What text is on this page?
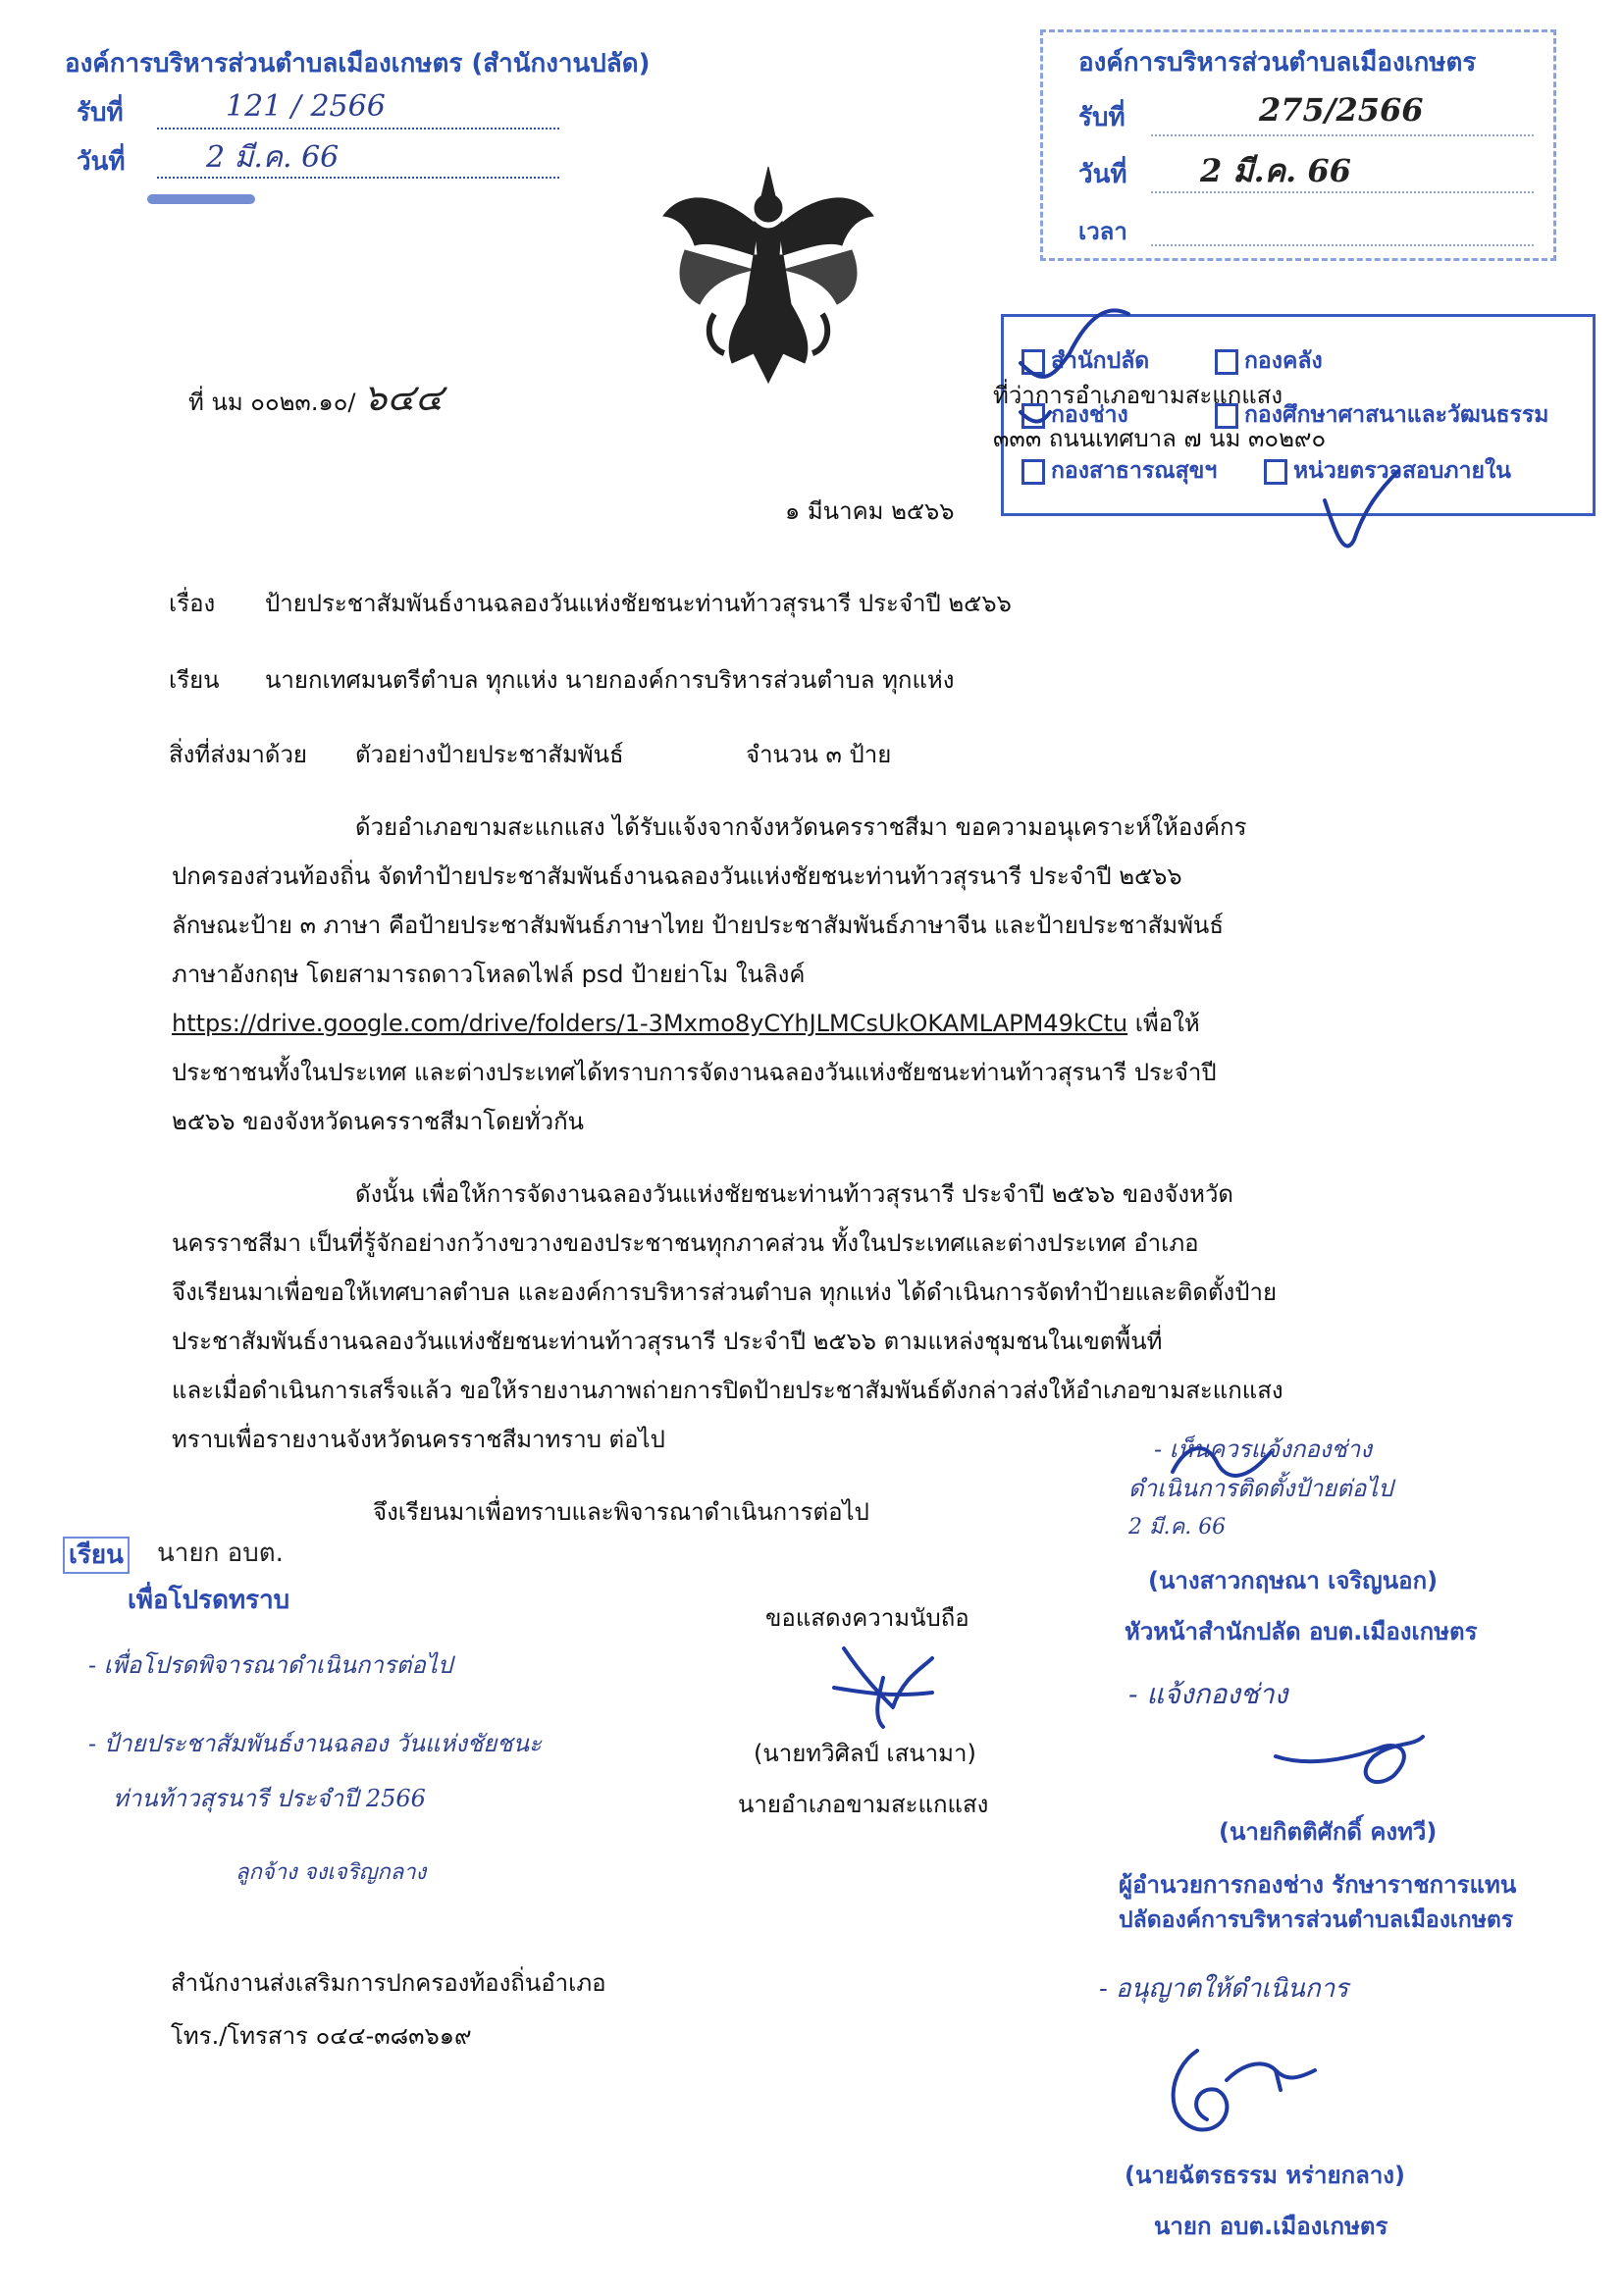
องค์การบริหารส่วนตำบลเมืองเกษตร (สำนักงานปลัด)
รับที่	121 / 2566
วันที่	2 มี.ค. 66
องค์การบริหารส่วนตำบลเมืองเกษตร
รับที่	275/2566
วันที่ 2 มี.ค. 66
เวลา
สำนักปลัด	กองคลัง
กองช่าง	กองศึกษาศาสนาและวัฒนธรรม
กองสาธารณสุขฯ	หน่วยตรวจสอบภายใน
ที่ นม ๐๐๒๓.๑๐/ ๖๔๔	ที่ว่าการอำเภอขามสะแกแสง
๓๓๓ ถนนเทศบาล ๗ นม ๓๐๒๙๐
๑ มีนาคม ๒๕๖๖
เรื่อง ป้ายประชาสัมพันธ์งานฉลองวันแห่งชัยชนะท่านท้าวสุรนารี ประจำปี ๒๕๖๖
เรียน นายกเทศมนตรีตำบล ทุกแห่ง นายกองค์การบริหารส่วนตำบล ทุกแห่ง
สิ่งที่ส่งมาด้วย ตัวอย่างป้ายประชาสัมพันธ์	จำนวน ๓ ป้าย
ด้วยอำเภอขามสะแกแสง ได้รับแจ้งจากจังหวัดนครราชสีมา ขอความอนุเคราะห์ให้องค์กร
ปกครองส่วนท้องถิ่น จัดทำป้ายประชาสัมพันธ์งานฉลองวันแห่งชัยชนะท่านท้าวสุรนารี ประจำปี ๒๕๖๖
ลักษณะป้าย ๓ ภาษา คือป้ายประชาสัมพันธ์ภาษาไทย ป้ายประชาสัมพันธ์ภาษาจีน และป้ายประชาสัมพันธ์
ภาษาอังกฤษ โดยสามารถดาวโหลดไฟล์ psd ป้ายย่าโม ในลิงค์
https://drive.google.com/drive/folders/1-3Mxmo8yCYhJLMCsUkOKAMLAPM49kCtu เพื่อให้
ประชาชนทั้งในประเทศ และต่างประเทศได้ทราบการจัดงานฉลองวันแห่งชัยชนะท่านท้าวสุรนารี ประจำปี
๒๕๖๖ ของจังหวัดนครราชสีมาโดยทั่วกัน
ดังนั้น เพื่อให้การจัดงานฉลองวันแห่งชัยชนะท่านท้าวสุรนารี ประจำปี ๒๕๖๖ ของจังหวัด
นครราชสีมา เป็นที่รู้จักอย่างกว้างขวางของประชาชนทุกภาคส่วน ทั้งในประเทศและต่างประเทศ อำเภอ
จึงเรียนมาเพื่อขอให้เทศบาลตำบล และองค์การบริหารส่วนตำบล ทุกแห่ง ได้ดำเนินการจัดทำป้ายและติดตั้งป้าย
ประชาสัมพันธ์งานฉลองวันแห่งชัยชนะท่านท้าวสุรนารี ประจำปี ๒๕๖๖ ตามแหล่งชุมชนในเขตพื้นที่
และเมื่อดำเนินการเสร็จแล้ว ขอให้รายงานภาพถ่ายการปิดป้ายประชาสัมพันธ์ดังกล่าวส่งให้อำเภอขามสะแกแสง
ทราบเพื่อรายงานจังหวัดนครราชสีมาทราบ ต่อไป
จึงเรียนมาเพื่อทราบและพิจารณาดำเนินการต่อไป
ขอแสดงความนับถือ
(นายทวิศิลป์ เสนามา)
นายอำเภอขามสะแกแสง
สำนักงานส่งเสริมการปกครองท้องถิ่นอำเภอ
โทร./โทรสาร ๐๔๔-๓๘๓๖๑๙
เรียน นายก อบต.
เพื่อโปรดทราบ
- เพื่อโปรดพิจารณาดำเนินการต่อไป
- ป้ายประชาสัมพันธ์งานฉลอง วันแห่งชัยชนะ
ท่านท้าวสุรนารี ประจำปี 2566
ลูกจ้าง จงเจริญกลาง
- เห็นควรแจ้งกองช่าง
ดำเนินการติดตั้งป้ายต่อไป
2 มี.ค. 66
(นางสาวกฤษณา เจริญนอก)
หัวหน้าสำนักปลัด อบต.เมืองเกษตร
- แจ้งกองช่าง
(นายกิตติศักดิ์ คงทวี)
ผู้อำนวยการกองช่าง รักษาราชการแทน
ปลัดองค์การบริหารส่วนตำบลเมืองเกษตร
- อนุญาตให้ดำเนินการ
(นายฉัตรธรรม หร่ายกลาง)
นายก อบต.เมืองเกษตร
